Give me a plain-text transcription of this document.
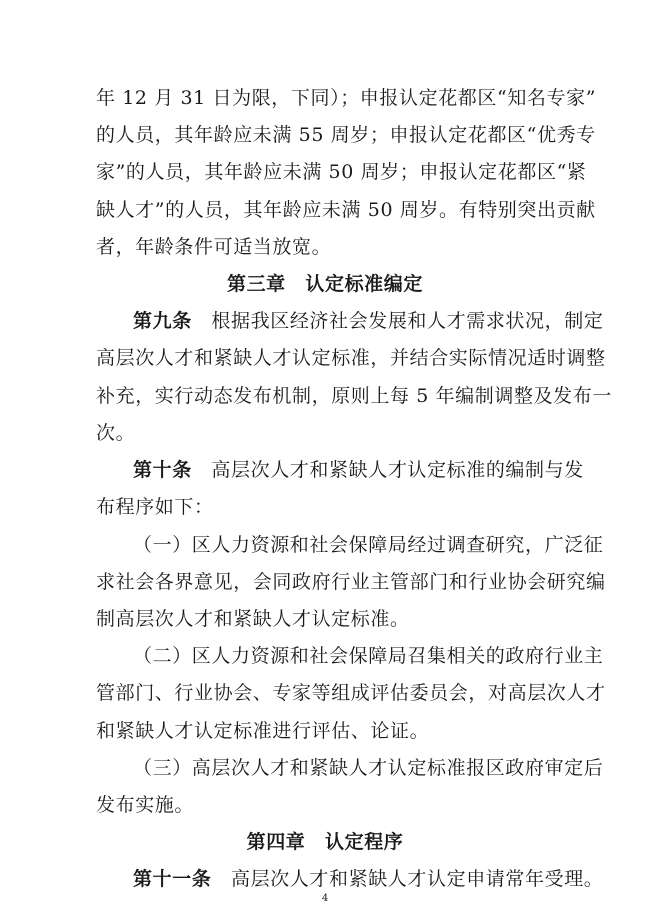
年 12 月 31 日为限，下同）；申报认定花都区“知名专家”
的人员，其年龄应未满 55 周岁；申报认定花都区“优秀专
家”的人员，其年龄应未满 50 周岁；申报认定花都区“紧
缺人才”的人员，其年龄应未满 50 周岁。有特别突出贡献
者，年龄条件可适当放宽。
第三章　认定标准编定
第九条　根据我区经济社会发展和人才需求状况，制定
高层次人才和紧缺人才认定标准，并结合实际情况适时调整
补充，实行动态发布机制，原则上每 5 年编制调整及发布一
次。
第十条　高层次人才和紧缺人才认定标准的编制与发
布程序如下：
（一）区人力资源和社会保障局经过调查研究，广泛征
求社会各界意见，会同政府行业主管部门和行业协会研究编
制高层次人才和紧缺人才认定标准。
（二）区人力资源和社会保障局召集相关的政府行业主
管部门、行业协会、专家等组成评估委员会，对高层次人才
和紧缺人才认定标准进行评估、论证。
（三）高层次人才和紧缺人才认定标准报区政府审定后
发布实施。
第四章　认定程序
第十一条　高层次人才和紧缺人才认定申请常年受理。
4
